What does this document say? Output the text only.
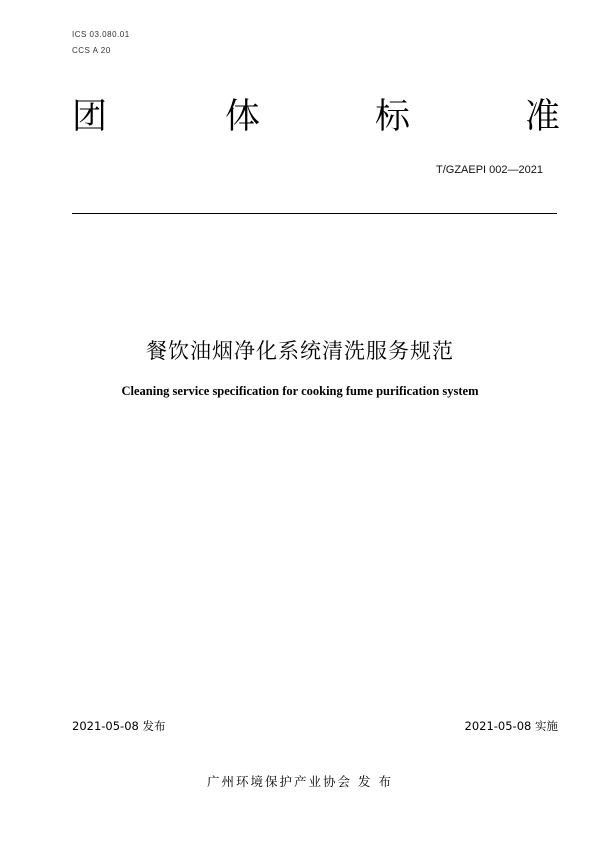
ICS 03.080.01
CCS A 20
团	体	标	准
T/GZAEPI 002—2021
餐饮油烟净化系统清洗服务规范
Cleaning service specification for cooking fume purification system
2021-05-08 发布	2021-05-08 实施
广州环境保护产业协会 发 布
